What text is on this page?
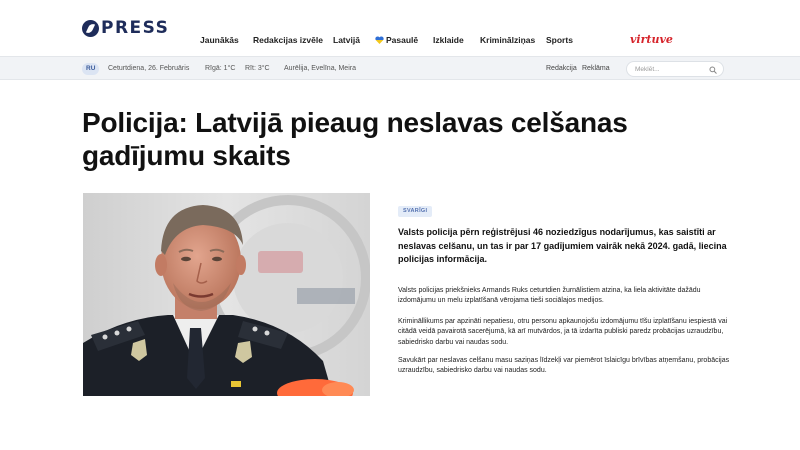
PRESS
Jaunākās Redakcijas izvēle Latvijā	Pasaulē Izklaide Kriminālziņas Sports	virtuve
RU	Ceturtdiena, 26. Februāris Rīgā: 1°C Rīt: 3°C Aurēlija, Evelīna, Meira	Redakcija Reklāma
Meklēt...
Policija: Latvijā pieaug neslavas celšanas gadījumu skaits
SVARĪGI

Valsts policija pērn reģistrējusi 46 noziedzīgus nodarījumus, kas saistīti ar neslavas celšanu, un tas ir par 17 gadījumiem vairāk nekā 2024. gadā, liecina policijas informācija.

Valsts policijas priekšnieks Armands Ruks ceturtdien žurnālistiem atzina, ka liela aktivitāte dažādu izdomājumu un melu izplatīšanā vērojama tieši sociālajos medijos.

Krimināllikums par apzināti nepatiesu, otru personu apkaunojošu izdomājumu tīšu izplatīšanu iespiestā vai citādā veidā pavairotā sacerējumā, kā arī mutvārdos, ja tā izdarīta publiski paredz probācijas uzraudzību, sabiedrisko darbu vai naudas sodu.

Savukārt par neslavas celšanu masu saziņas līdzekļi var piemērot īslaicīgu brīvības atņemšanu, probācijas uzraudzību, sabiedrisko darbu vai naudas sodu.
